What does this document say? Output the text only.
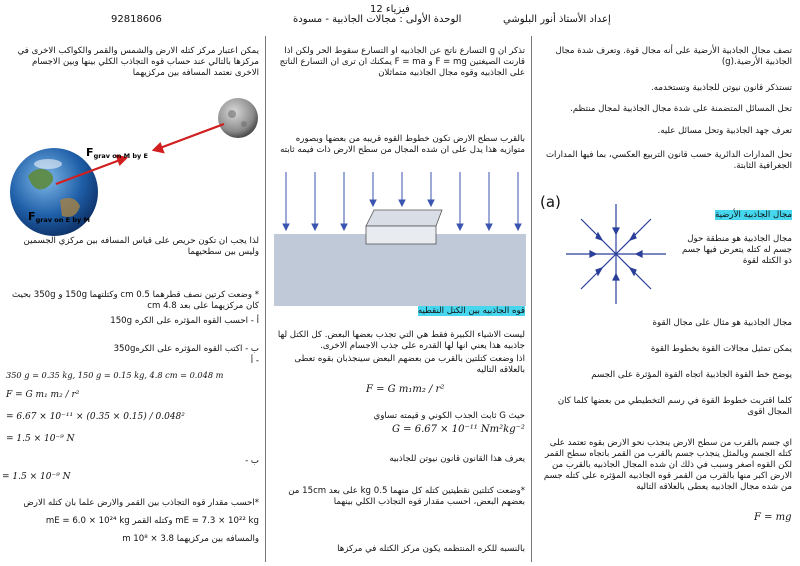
فيزياء 12
الوحدة الأولى : مجالات الجاذبية - مسودة
92818606	إعداد الأستاذ أنور البلوشي
تصف مجال الجاذبية الأرضية على أنه مجال قوة. وتعرف شدة مجال الجاذبية الأرضية.(g)
تستذكر قانون نيوتن للجاذبية وتستخدمه.
تحل المسائل المتضمنة على شدة مجال الجاذبية لمجال منتظم.
تعرف جهد الجاذبية وتحل مسائل عليه.
تحل المدارات الدائرية حسب قانون التربيع العكسي، بما فيها المدارات الجغرافية الثابتة.
(a)
مجال الجاذبية الأرضية
مجال الجاذبية هو منطقة حول جسم له كتله يتعرض فيها جسم ذو الكتله لقوة
مجال الجاذبية هو مثال على مجال القوة
يمكن تمثيل مجالات القوة بخطوط القوة
يوضح خط القوة الجاذبية اتجاه القوة المؤثرة على الجسم
كلما اقتربت خطوط القوة في رسم التخطيطي من بعضها كلما كان المجال اقوى
اي جسم بالقرب من سطح الارض ينجذب نحو الارض بقوه تعتمد على كتله الجسم وبالمثل ينجذب جسم بالقرب من القمر باتجاه سطح القمر لكن القوه اصغر وسبب في ذلك ان شده المجال الجاذبيه بالقرب من الارض اكبر منها بالقرب من القمر قوه الجاذبيه المؤثره على كتله جسم من شده مجال الجاذبيه يعطى بالعلاقه التاليه
F = mg
تذكر ان g التسارع ناتج عن الجاذبيه او التسارع سقوط الحر ولكن اذا قارنت الصيغتين F = mg و F = ma يمكنك ان ترى ان التسارع الناتج على الجاذبيه وقوه مجال الجاذبيه متماثلان
بالقرب سطح الارض تكون خطوط القوه قريبه من بعضها وبصوره متوازيه هذا يدل على ان شده المجال من سطح الارض ذات فيمه ثابته
قوه الجاذبيه بين الكتل النقطيه
ليست الاشياء الكبيرة فقط هي التي تجذب بعضها البعض. كل الكتل لها جاذبيه هذا يعني انها لها القدره على جذب الاجسام الاخرى.
اذا وضعت كتلتين بالقرب من بعضهم البعض سينجذبان بقوه تعطى بالعلاقه التاليه
F = G m₁m₂ / r²
حيث G ثابت الجذب الكوني و قيمته تساوي
G = 6.67 × 10⁻¹¹ Nm²kg⁻²
يعرف هذا القانون قانون نيوتن للجاذبيه
*وضعت كتلتين نقطيتين كتله كل منهما 0.5 kg على بعد 15cm من بعضهم البعض، احسب مقدار قوه التجاذب الكلي بينهما
بالنسبه للكره المنتظمه يكون مركز الكتله في مركزها
يمكن اعتبار مركز كتله الارض والشمس والقمر والكواكب الاخرى في مركزها بالتالي عند حساب قوه التجاذب الكلي بينها وبين الاجسام الاخرى نعتمد المسافه بين مركزيهما
Fgrav on M by E
Fgrav on E by M
لذا يجب ان تكون حريص على قياس المسافه بين مركزي الجسمين وليس بين سطحيهما
* وضعت كرتين نصف قطرهما 0.5 cm وكتلتهما 150g و 350g بحيث كان مركزيهما على بعد 4.8 cm
أ - احسب القوه المؤثره على الكره 150g
ب - اكتب القوه المؤثره على الكره350g
- أ
350 g = 0.35 kg, 150 g = 0.15 kg, 4.8 cm = 0.048 m
F = G m₁ m₂ / r²
= 6.67 × 10⁻¹¹ × (0.35 × 0.15) / 0.048²
= 1.5 × 10⁻⁹ N
ب -
= 1.5 × 10⁻⁹ N
*احسب مقدار قوه التجاذب بين القمر والارض علما بان كتله الارض
mE = 7.3 × 10²² kg وكتله القمر mE = 6.0 × 10²⁴ kg
والمسافه بين مركزيهما 3.8 × 10⁸ m
